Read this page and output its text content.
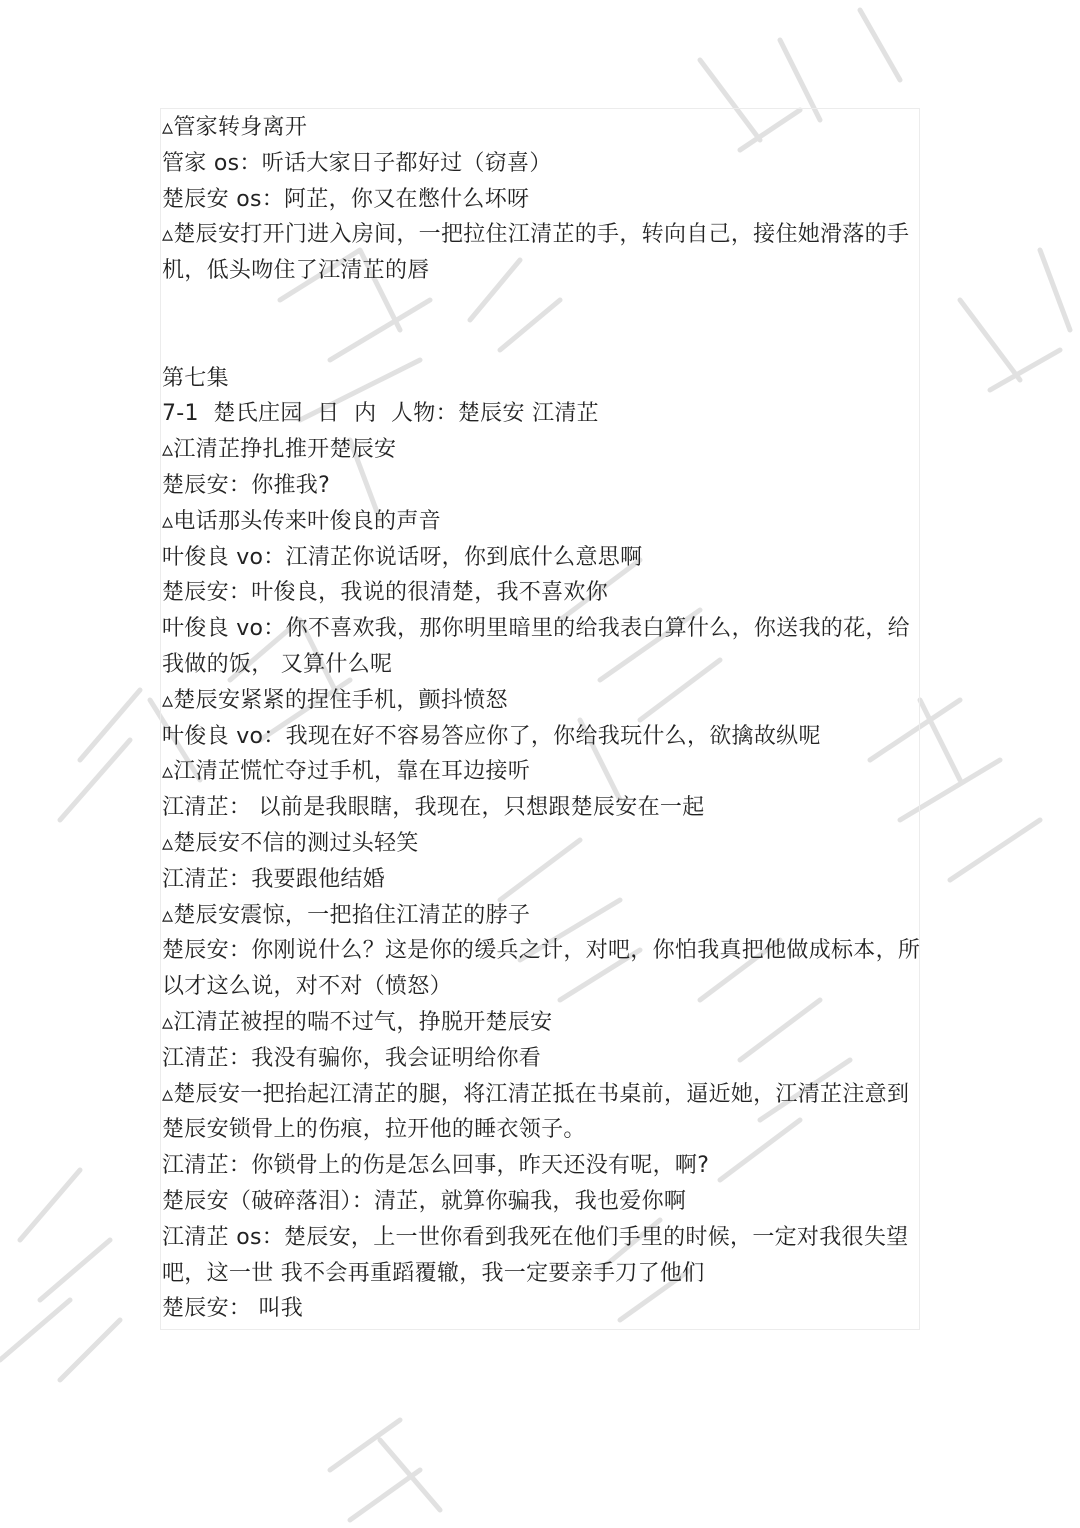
▵管家转身离开
管家 os：听话大家日子都好过（窃喜）
楚辰安 os：阿芷，你又在憋什么坏呀
▵楚辰安打开门进入房间，一把拉住江清芷的手，转向自己，接住她滑落的手机，低头吻住了江清芷的唇
第七集
7-1  楚氏庄园  日  内  人物：楚辰安 江清芷
▵江清芷挣扎推开楚辰安
楚辰安：你推我?
▵电话那头传来叶俊良的声音
叶俊良 vo：江清芷你说话呀，你到底什么意思啊
楚辰安：叶俊良，我说的很清楚，我不喜欢你
叶俊良 vo：你不喜欢我，那你明里暗里的给我表白算什么，你送我的花，给我做的饭， 又算什么呢
▵楚辰安紧紧的捏住手机，颤抖愤怒
叶俊良 vo：我现在好不容易答应你了，你给我玩什么，欲擒故纵呢
▵江清芷慌忙夺过手机，靠在耳边接听
江清芷： 以前是我眼瞎，我现在，只想跟楚辰安在一起
▵楚辰安不信的测过头轻笑
江清芷：我要跟他结婚
▵楚辰安震惊，一把掐住江清芷的脖子
楚辰安：你刚说什么？这是你的缓兵之计，对吧，你怕我真把他做成标本，所以才这么说，对不对（愤怒）
▵江清芷被捏的喘不过气，挣脱开楚辰安
江清芷：我没有骗你，我会证明给你看
▵楚辰安一把抬起江清芷的腿，将江清芷抵在书桌前，逼近她，江清芷注意到楚辰安锁骨上的伤痕，拉开他的睡衣领子。
江清芷：你锁骨上的伤是怎么回事，昨天还没有呢，啊?
楚辰安（破碎落泪）：清芷，就算你骗我，我也爱你啊
江清芷 os：楚辰安，上一世你看到我死在他们手里的时候，一定对我很失望吧，这一世 我不会再重蹈覆辙，我一定要亲手刀了他们
楚辰安： 叫我
